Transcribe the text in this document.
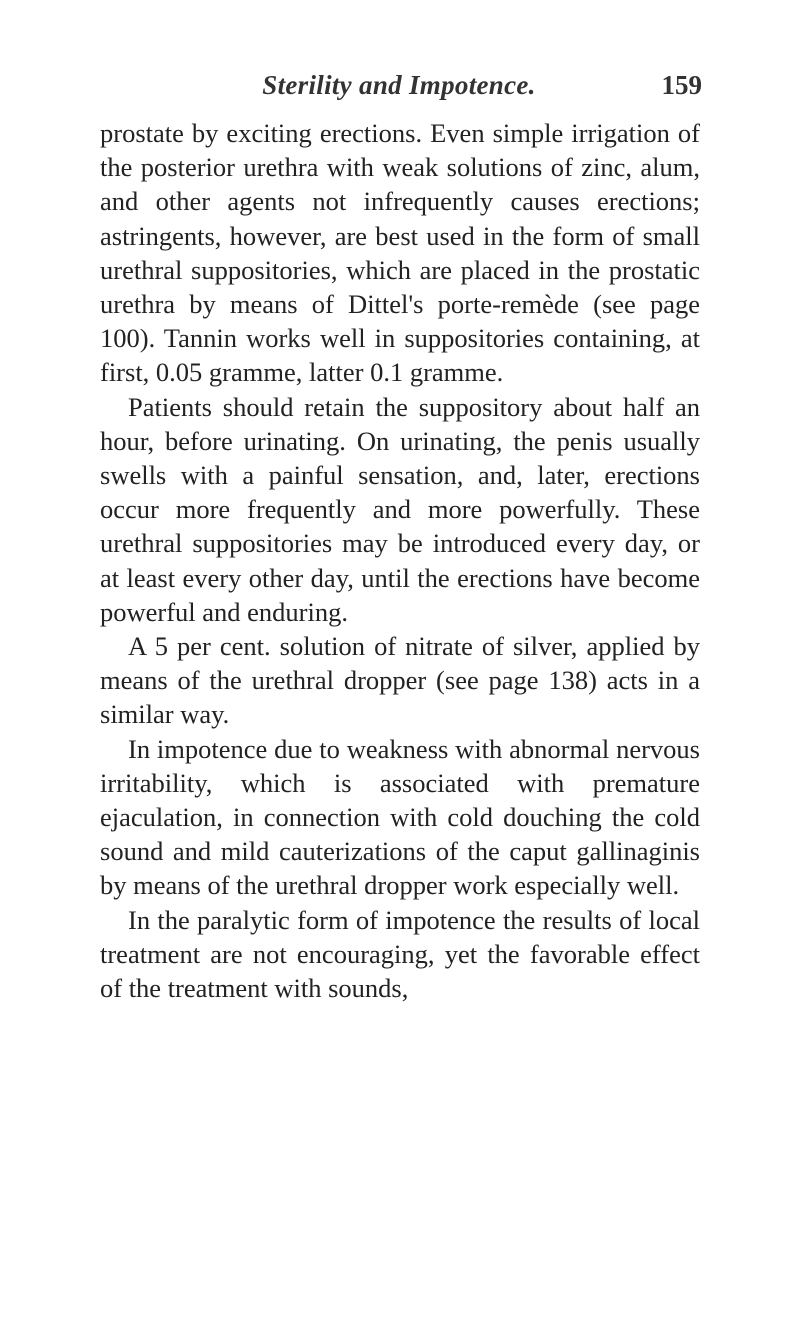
Sterility and Impotence.	159

prostate by exciting erections. Even simple irrigation of the posterior urethra with weak solutions of zinc, alum, and other agents not infrequently causes erections; astringents, however, are best used in the form of small urethral suppositories, which are placed in the prostatic urethra by means of Dittel's porte-remède (see page 100). Tannin works well in suppositories containing, at first, 0.05 gramme, latter 0.1 gramme.

Patients should retain the suppository about half an hour, before urinating. On urinating, the penis usually swells with a painful sensation, and, later, erections occur more frequently and more powerfully. These urethral suppositories may be introduced every day, or at least every other day, until the erections have become powerful and enduring.

A 5 per cent. solution of nitrate of silver, applied by means of the urethral dropper (see page 138) acts in a similar way.

In impotence due to weakness with abnormal nervous irritability, which is associated with premature ejaculation, in connection with cold douching the cold sound and mild cauterizations of the caput gallinaginis by means of the urethral dropper work especially well.

In the paralytic form of impotence the results of local treatment are not encouraging, yet the favorable effect of the treatment with sounds,
